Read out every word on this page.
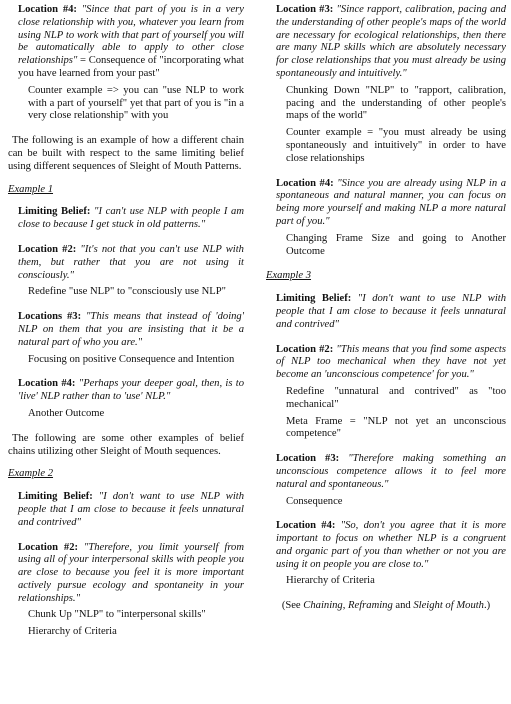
Location #4: "Since that part of you is in a very close relationship with you, whatever you learn from using NLP to work with that part of yourself you will be automatically able to apply to other close relationships" = Consequence of "incorporating what you have learned from your past"

Counter example => you can "use NLP to work with a part of yourself" yet that part of you is "in a very close relationship" with you

The following is an example of how a different chain can be built with respect to the same limiting belief using different sequences of Sleight of Mouth Patterns.

Example 1

Limiting Belief: "I can't use NLP with people I am close to because I get stuck in old patterns."

Location #2: "It's not that you can't use NLP with them, but rather that you are not using it consciously."

Redefine "use NLP" to "consciously use NLP"

Locations #3: "This means that instead of 'doing' NLP on them that you are insisting that it be a natural part of who you are."

Focusing on positive Consequence and Intention

Location #4: "Perhaps your deeper goal, then, is to 'live' NLP rather than to 'use' NLP."

Another Outcome

The following are some other examples of belief chains utilizing other Sleight of Mouth sequences.

Example 2

Limiting Belief: "I don't want to use NLP with people that I am close to because it feels unnatural and contrived"

Location #2: "Therefore, you limit yourself from using all of your interpersonal skills with people you are close to because you feel it is more important actively pursue ecology and spontaneity in your relationships."

Chunk Up "NLP" to "interpersonal skills"

Hierarchy of Criteria

Location #3: "Since rapport, calibration, pacing and the understanding of other people's maps of the world are necessary for ecological relationships, then there are many NLP skills which are absolutely necessary for close relationships that you must already be using spontaneously and intuitively."

Chunking Down "NLP" to "rapport, calibration, pacing and the understanding of other people's maps of the world"

Counter example = "you must already be using spontaneously and intuitively" in order to have close relationships

Location #4: "Since you are already using NLP in a spontaneous and natural manner, you can focus on being more yourself and making NLP a more natural part of you."

Changing Frame Size and going to Another Outcome

Example 3

Limiting Belief: "I don't want to use NLP with people that I am close to because it feels unnatural and contrived"

Location #2: "This means that you find some aspects of NLP too mechanical when they have not yet become an 'unconscious competence' for you."

Redefine "unnatural and contrived" as "too mechanical"

Meta Frame = "NLP not yet an unconscious competence"

Location #3: "Therefore making something an unconscious competence allows it to feel more natural and spontaneous."

Consequence

Location #4: "So, don't you agree that it is more important to focus on whether NLP is a congruent and organic part of you than whether or not you are using it on people you are close to."

Hierarchy of Criteria

(See Chaining, Reframing and Sleight of Mouth.)
